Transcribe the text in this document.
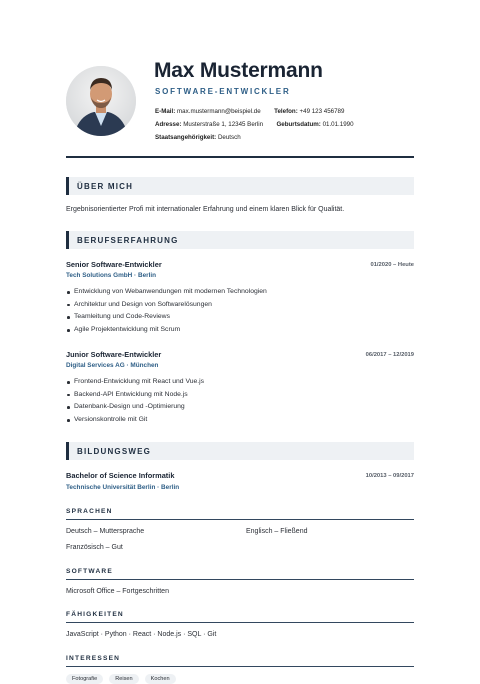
Max Mustermann
SOFTWARE-ENTWICKLER
E-Mail: max.mustermann@beispiel.de Telefon: +49 123 456789
Adresse: Musterstraße 1, 12345 Berlin Geburtsdatum: 01.01.1990
Staatsangehörigkeit: Deutsch
ÜBER MICH
Ergebnisorientierter Profi mit internationaler Erfahrung und einem klaren Blick für Qualität.
BERUFSERFAHRUNG
Senior Software-Entwickler	01/2020 – Heute
Tech Solutions GmbH · Berlin
Entwicklung von Webanwendungen mit modernen Technologien
Architektur und Design von Softwarelösungen
Teamleitung und Code-Reviews
Agile Projektentwicklung mit Scrum
Junior Software-Entwickler	06/2017 – 12/2019
Digital Services AG · München
Frontend-Entwicklung mit React und Vue.js
Backend-API Entwicklung mit Node.js
Datenbank-Design und -Optimierung
Versionskontrolle mit Git
BILDUNGSWEG
Bachelor of Science Informatik	10/2013 – 09/2017
Technische Universität Berlin · Berlin
SPRACHEN
Deutsch – Muttersprache	Englisch – Fließend
Französisch – Gut
SOFTWARE
Microsoft Office – Fortgeschritten
FÄHIGKEITEN
JavaScript · Python · React · Node.js · SQL · Git
INTERESSEN
Fotografie	Reisen	Kochen
